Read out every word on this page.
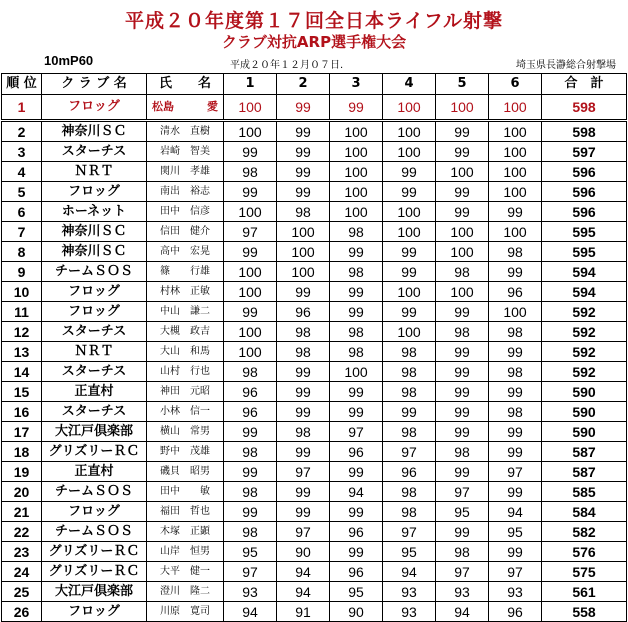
平成２０年度第１７回全日本ライフル射撃
クラブ対抗ARP選手権大会
10mP60	平成２０年１２月０７日.	埼玉県長瀞総合射撃場
順 位	ク ラ ブ 名	氏　　名	1	2	3	4	5	6	合　計
1	フロッグ	松島　　　愛	100	99	99	100	100	100	598
2	神奈川ＳＣ	清水　直樹	100	99	100	100	99	100	598
3	スターチス	岩崎　智美	99	99	100	100	99	100	597
4	ＮＲＴ	関川　孝雄	98	99	100	99	100	100	596
5	フロッグ	南出　裕志	99	99	100	99	99	100	596
6	ホーネット	田中　信彦	100	98	100	100	99	99	596
7	神奈川ＳＣ	信田　健介	97	100	98	100	100	100	595
8	神奈川ＳＣ	高中　宏晃	99	100	99	99	100	98	595
9	チームＳＯＳ	篠　　行雄	100	100	98	99	98	99	594
10	フロッグ	村林　正敏	100	99	99	100	100	96	594
11	フロッグ	中山　謙二	99	96	99	99	99	100	592
12	スターチス	大槻　政吉	100	98	98	100	98	98	592
13	ＮＲＴ	大山　和馬	100	98	98	98	99	99	592
14	スターチス	山村　行也	98	99	100	98	99	98	592
15	正直村	神田　元昭	96	99	99	98	99	99	590
16	スターチス	小林　信一	96	99	99	99	99	98	590
17	大江戸倶楽部	横山　常男	99	98	97	98	99	99	590
18	グリズリーＲＣ	野中　茂雄	98	99	96	97	98	99	587
19	正直村	磯貝　昭男	99	97	99	96	99	97	587
20	チームＳＯＳ	田中　　敏	98	99	94	98	97	99	585
21	フロッグ	福田　哲也	99	99	99	98	95	94	584
22	チームＳＯＳ	木塚　正顕	98	97	96	97	99	95	582
23	グリズリーＲＣ	山岸　恒男	95	90	99	95	98	99	576
24	グリズリーＲＣ	大平　健一	97	94	96	94	97	97	575
25	大江戸倶楽部	澄川　隆二	93	94	95	93	93	93	561
26	フロッグ	川原　寛司	94	91	90	93	94	96	558
